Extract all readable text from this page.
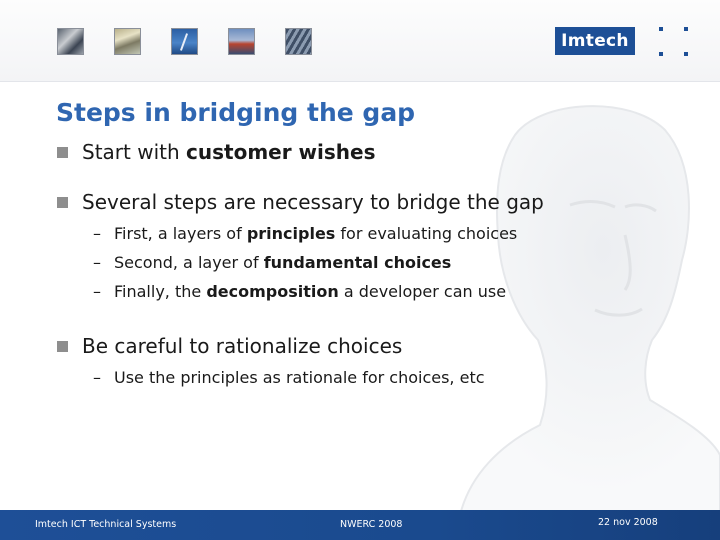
Imtech
Steps in bridging the gap
Start with customer wishes
Several steps are necessary to bridge the gap
– First, a layers of principles for evaluating choices
– Second, a layer of fundamental choices
– Finally, the decomposition a developer can use
Be careful to rationalize choices
– Use the principles as rationale for choices, etc
Imtech ICT Technical Systems	NWERC 2008	22 nov 2008
